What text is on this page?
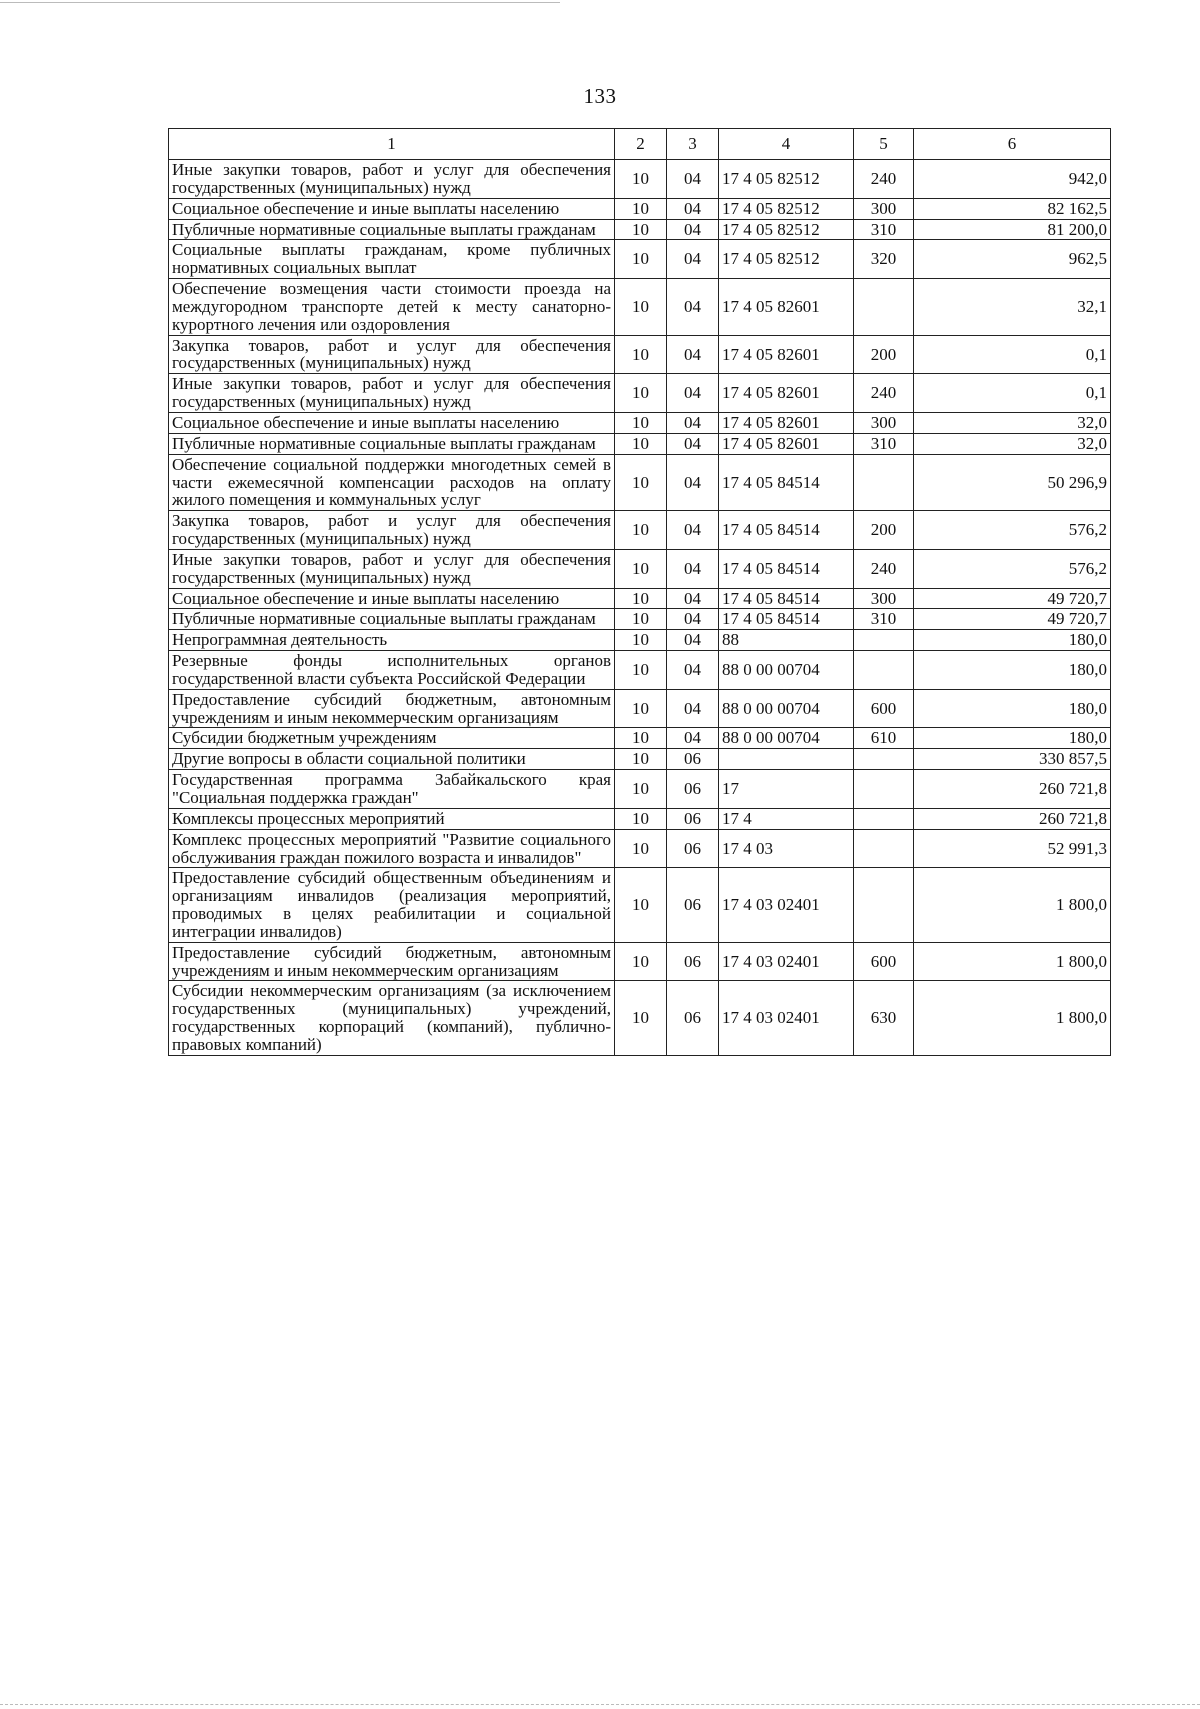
133
1	2	3	4	5	6
Иные закупки товаров, работ и услуг для обеспечения государственных (муниципальных) нужд	10	04	17 4 05 82512	240	942,0
Социальное обеспечение и иные выплаты населению	10	04	17 4 05 82512	300	82 162,5
Публичные нормативные социальные выплаты гражданам	10	04	17 4 05 82512	310	81 200,0
Социальные выплаты гражданам, кроме публичных нормативных социальных выплат	10	04	17 4 05 82512	320	962,5
Обеспечение возмещения части стоимости проезда на междугородном транспорте детей к месту санаторно-курортного лечения или оздоровления	10	04	17 4 05 82601		32,1
Закупка товаров, работ и услуг для обеспечения государственных (муниципальных) нужд	10	04	17 4 05 82601	200	0,1
Иные закупки товаров, работ и услуг для обеспечения государственных (муниципальных) нужд	10	04	17 4 05 82601	240	0,1
Социальное обеспечение и иные выплаты населению	10	04	17 4 05 82601	300	32,0
Публичные нормативные социальные выплаты гражданам	10	04	17 4 05 82601	310	32,0
Обеспечение социальной поддержки многодетных семей в части ежемесячной компенсации расходов на оплату жилого помещения и коммунальных услуг	10	04	17 4 05 84514		50 296,9
Закупка товаров, работ и услуг для обеспечения государственных (муниципальных) нужд	10	04	17 4 05 84514	200	576,2
Иные закупки товаров, работ и услуг для обеспечения государственных (муниципальных) нужд	10	04	17 4 05 84514	240	576,2
Социальное обеспечение и иные выплаты населению	10	04	17 4 05 84514	300	49 720,7
Публичные нормативные социальные выплаты гражданам	10	04	17 4 05 84514	310	49 720,7
Непрограммная деятельность	10	04	88		180,0
Резервные фонды исполнительных органов государственной власти субъекта Российской Федерации	10	04	88 0 00 00704		180,0
Предоставление субсидий бюджетным, автономным учреждениям и иным некоммерческим организациям	10	04	88 0 00 00704	600	180,0
Субсидии бюджетным учреждениям	10	04	88 0 00 00704	610	180,0
Другие вопросы в области социальной политики	10	06			330 857,5
Государственная программа Забайкальского края "Социальная поддержка граждан"	10	06	17		260 721,8
Комплексы процессных мероприятий	10	06	17 4		260 721,8
Комплекс процессных мероприятий "Развитие социального обслуживания граждан пожилого возраста и инвалидов"	10	06	17 4 03		52 991,3
Предоставление субсидий общественным объединениям и организациям инвалидов (реализация мероприятий, проводимых в целях реабилитации и социальной интеграции инвалидов)	10	06	17 4 03 02401		1 800,0
Предоставление субсидий бюджетным, автономным учреждениям и иным некоммерческим организациям	10	06	17 4 03 02401	600	1 800,0
Субсидии некоммерческим организациям (за исключением государственных (муниципальных) учреждений, государственных корпораций (компаний), публично-правовых компаний)	10	06	17 4 03 02401	630	1 800,0
